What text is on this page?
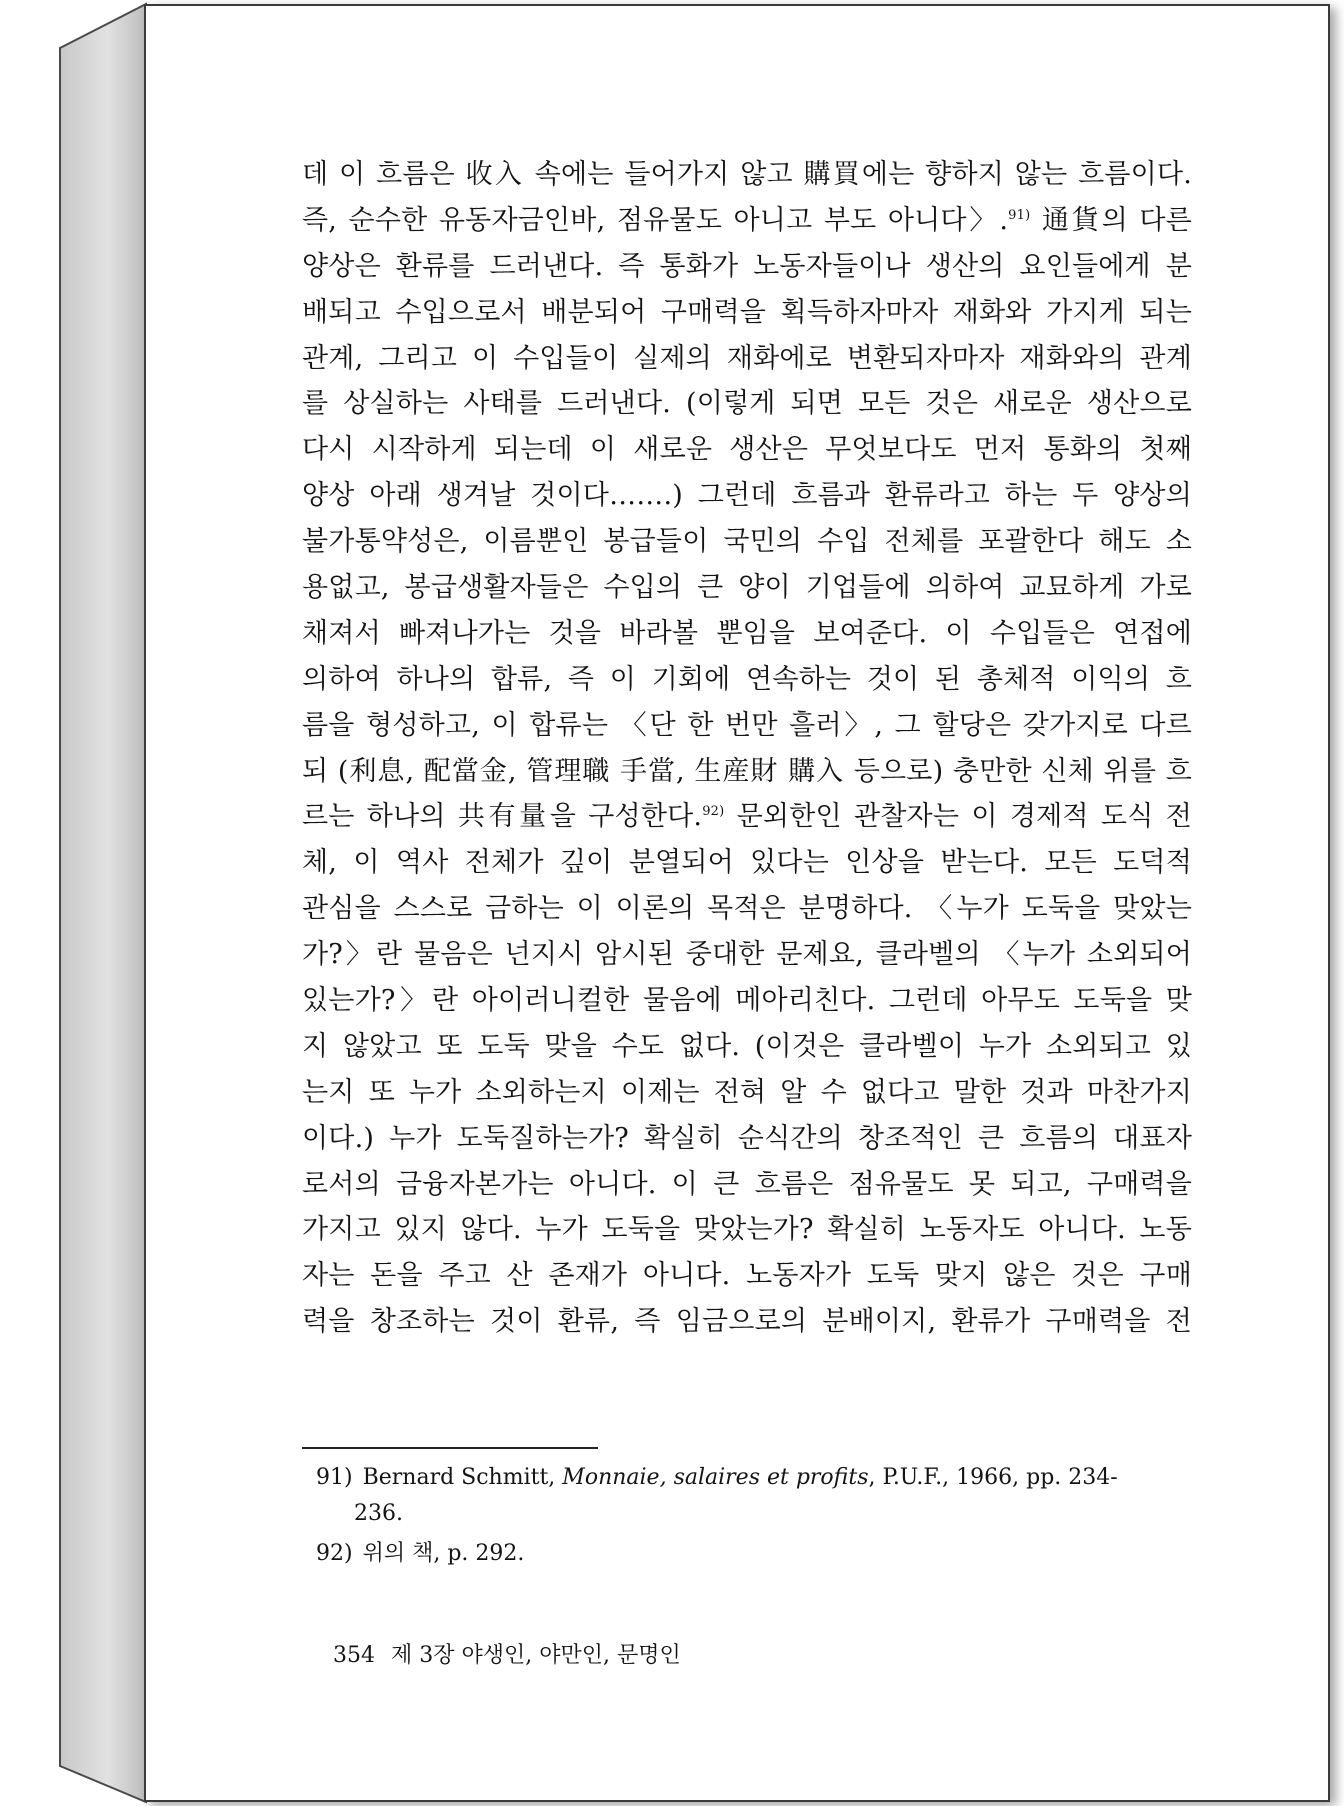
데 이 흐름은 收入 속에는 들어가지 않고 購買에는 향하지 않는 흐름이다.
즉, 순수한 유동자금인바, 점유물도 아니고 부도 아니다〉.$^{91)}$ 通貨의 다른
양상은 환류를 드러낸다. 즉 통화가 노동자들이나 생산의 요인들에게 분
배되고 수입으로서 배분되어 구매력을 획득하자마자 재화와 가지게 되는
관계, 그리고 이 수입들이 실제의 재화에로 변환되자마자 재화와의 관계
를 상실하는 사태를 드러낸다. (이렇게 되면 모든 것은 새로운 생산으로
다시 시작하게 되는데 이 새로운 생산은 무엇보다도 먼저 통화의 첫째
양상 아래 생겨날 것이다…….) 그런데 흐름과 환류라고 하는 두 양상의
불가통약성은, 이름뿐인 봉급들이 국민의 수입 전체를 포괄한다 해도 소
용없고, 봉급생활자들은 수입의 큰 양이 기업들에 의하여 교묘하게 가로
채져서 빠져나가는 것을 바라볼 뿐임을 보여준다. 이 수입들은 연접에
의하여 하나의 합류, 즉 이 기회에 연속하는 것이 된 총체적 이익의 흐
름을 형성하고, 이 합류는 〈단 한 번만 흘러〉, 그 할당은 갖가지로 다르
되 (利息, 配當金, 管理職 手當, 生産財 購入 등으로) 충만한 신체 위를 흐
르는 하나의 共有量을 구성한다.$^{92)}$ 문외한인 관찰자는 이 경제적 도식 전
체, 이 역사 전체가 깊이 분열되어 있다는 인상을 받는다. 모든 도덕적
관심을 스스로 금하는 이 이론의 목적은 분명하다. 〈누가 도둑을 맞았는
가?〉란 물음은 넌지시 암시된 중대한 문제요, 클라벨의 〈누가 소외되어
있는가?〉란 아이러니컬한 물음에 메아리친다. 그런데 아무도 도둑을 맞
지 않았고 또 도둑 맞을 수도 없다. (이것은 클라벨이 누가 소외되고 있
는지 또 누가 소외하는지 이제는 전혀 알 수 없다고 말한 것과 마찬가지
이다.) 누가 도둑질하는가? 확실히 순식간의 창조적인 큰 흐름의 대표자
로서의 금융자본가는 아니다. 이 큰 흐름은 점유물도 못 되고, 구매력을
가지고 있지 않다. 누가 도둑을 맞았는가? 확실히 노동자도 아니다. 노동
자는 돈을 주고 산 존재가 아니다. 노동자가 도둑 맞지 않은 것은 구매
력을 창조하는 것이 환류, 즉 임금으로의 분배이지, 환류가 구매력을 전
91) Bernard Schmitt, Monnaie, salaires et profits, P.U.F., 1966, pp. 234-
236.
92) 위의 책, p. 292.
354 제 3장 야생인, 야만인, 문명인
